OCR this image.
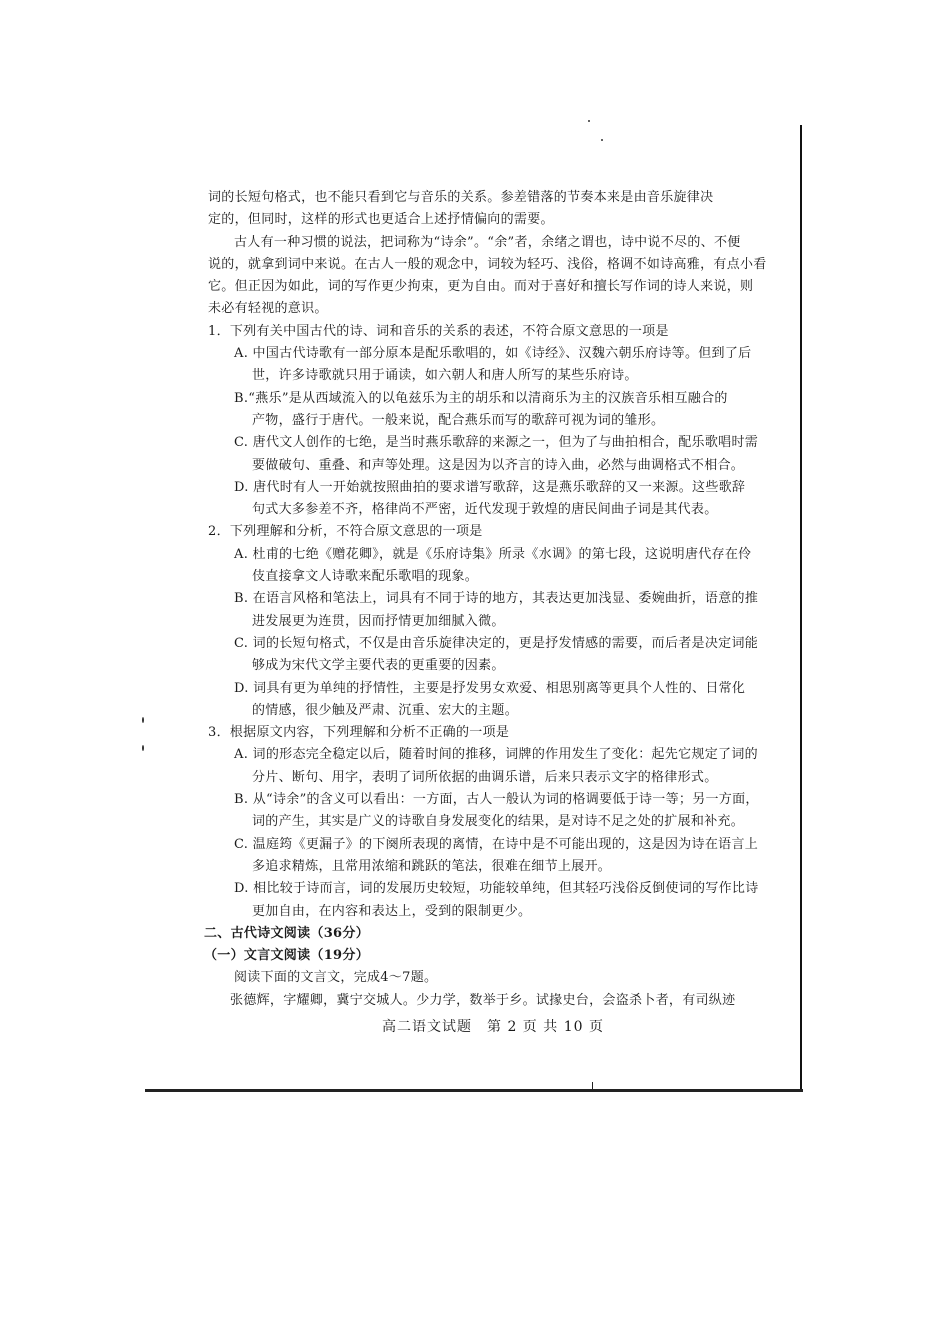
词的长短句格式，也不能只看到它与音乐的关系。参差错落的节奏本来是由音乐旋律决
定的，但同时，这样的形式也更适合上述抒情偏向的需要。
古人有一种习惯的说法，把词称为“诗余”。“余”者，余绪之谓也，诗中说不尽的、不便
说的，就拿到词中来说。在古人一般的观念中，词较为轻巧、浅俗，格调不如诗高雅，有点小看
它。但正因为如此，词的写作更少拘束，更为自由。而对于喜好和擅长写作词的诗人来说，则
未必有轻视的意识。
1．下列有关中国古代的诗、词和音乐的关系的表述，不符合原文意思的一项是
A. 中国古代诗歌有一部分原本是配乐歌唱的，如《诗经》、汉魏六朝乐府诗等。但到了后
世，许多诗歌就只用于诵读，如六朝人和唐人所写的某些乐府诗。
B.“燕乐”是从西域流入的以龟兹乐为主的胡乐和以清商乐为主的汉族音乐相互融合的
产物，盛行于唐代。一般来说，配合燕乐而写的歌辞可视为词的雏形。
C. 唐代文人创作的七绝，是当时燕乐歌辞的来源之一，但为了与曲拍相合，配乐歌唱时需
要做破句、重叠、和声等处理。这是因为以齐言的诗入曲，必然与曲调格式不相合。
D. 唐代时有人一开始就按照曲拍的要求谱写歌辞，这是燕乐歌辞的又一来源。这些歌辞
句式大多参差不齐，格律尚不严密，近代发现于敦煌的唐民间曲子词是其代表。
2．下列理解和分析，不符合原文意思的一项是
A. 杜甫的七绝《赠花卿》，就是《乐府诗集》所录《水调》的第七段，这说明唐代存在伶
伎直接拿文人诗歌来配乐歌唱的现象。
B. 在语言风格和笔法上，词具有不同于诗的地方，其表达更加浅显、委婉曲折，语意的推
进发展更为连贯，因而抒情更加细腻入微。
C. 词的长短句格式，不仅是由音乐旋律决定的，更是抒发情感的需要，而后者是决定词能
够成为宋代文学主要代表的更重要的因素。
D. 词具有更为单纯的抒情性，主要是抒发男女欢爱、相思别离等更具个人性的、日常化
的情感，很少触及严肃、沉重、宏大的主题。
3．根据原文内容，下列理解和分析不正确的一项是
A. 词的形态完全稳定以后，随着时间的推移，词牌的作用发生了变化：起先它规定了词的
分片、断句、用字，表明了词所依据的曲调乐谱，后来只表示文字的格律形式。
B. 从“诗余”的含义可以看出：一方面，古人一般认为词的格调要低于诗一等；另一方面，
词的产生，其实是广义的诗歌自身发展变化的结果，是对诗不足之处的扩展和补充。
C. 温庭筠《更漏子》的下阕所表现的离情，在诗中是不可能出现的，这是因为诗在语言上
多追求精炼，且常用浓缩和跳跃的笔法，很难在细节上展开。
D. 相比较于诗而言，词的发展历史较短，功能较单纯，但其轻巧浅俗反倒使词的写作比诗
更加自由，在内容和表达上，受到的限制更少。
二、古代诗文阅读（36分）
（一）文言文阅读（19分）
阅读下面的文言文，完成4～7题。
张德辉，字耀卿，冀宁交城人。少力学，数举于乡。试掾史台，会盗杀卜者，有司纵迹
高二语文试题　第 2 页 共 10 页
